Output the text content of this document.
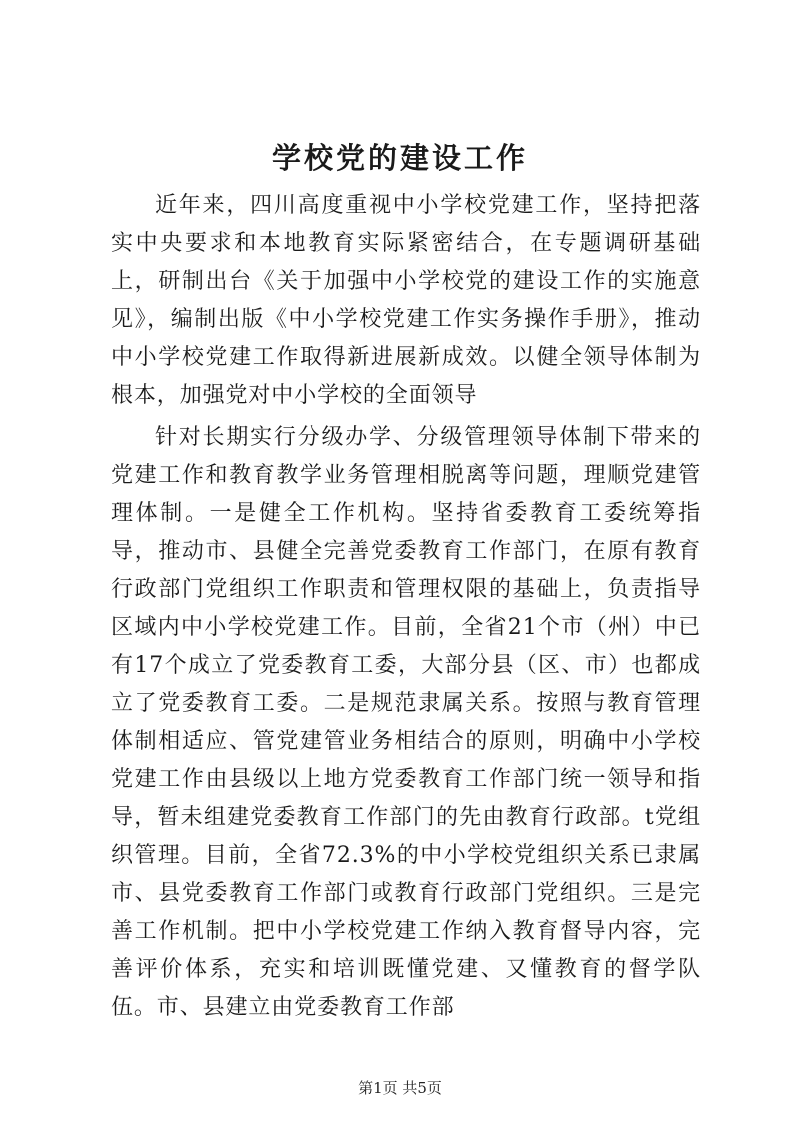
学校党的建设工作

近年来，四川高度重视中小学校党建工作，坚持把落实中央要求和本地教育实际紧密结合，在专题调研基础上，研制出台《关于加强中小学校党的建设工作的实施意见》，编制出版《中小学校党建工作实务操作手册》，推动中小学校党建工作取得新进展新成效。以健全领导体制为根本，加强党对中小学校的全面领导

针对长期实行分级办学、分级管理领导体制下带来的党建工作和教育教学业务管理相脱离等问题，理顺党建管理体制。一是健全工作机构。坚持省委教育工委统筹指导，推动市、县健全完善党委教育工作部门，在原有教育行政部门党组织工作职责和管理权限的基础上，负责指导区域内中小学校党建工作。目前，全省21个市（州）中已有17个成立了党委教育工委，大部分县（区、市）也都成立了党委教育工委。二是规范隶属关系。按照与教育管理体制相适应、管党建管业务相结合的原则，明确中小学校党建工作由县级以上地方党委教育工作部门统一领导和指导，暂未组建党委教育工作部门的先由教育行政部。t党组织管理。目前，全省72.3%的中小学校党组织关系已隶属市、县党委教育工作部门或教育行政部门党组织。三是完善工作机制。把中小学校党建工作纳入教育督导内容，完善评价体系，充实和培训既懂党建、又懂教育的督学队伍。市、县建立由党委教育工作部

第1页 共5页
